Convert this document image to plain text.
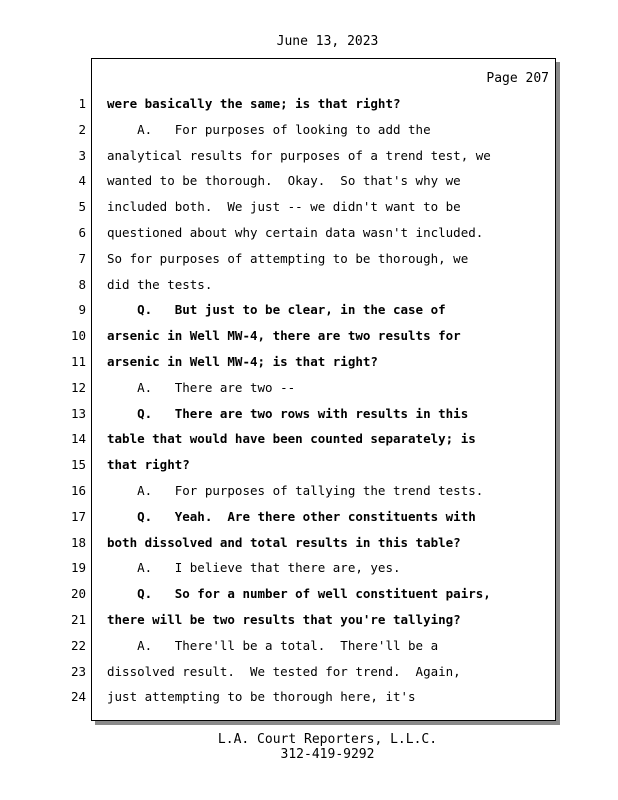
June 13, 2023
Page 207
1 were basically the same; is that right?
2 A.   For purposes of looking to add the
3 analytical results for purposes of a trend test, we
4 wanted to be thorough.  Okay.  So that's why we
5 included both.  We just -- we didn't want to be
6 questioned about why certain data wasn't included.
7 So for purposes of attempting to be thorough, we
8 did the tests.
9 Q.   But just to be clear, in the case of
10 arsenic in Well MW-4, there are two results for
11 arsenic in Well MW-4; is that right?
12 A.   There are two --
13 Q.   There are two rows with results in this
14 table that would have been counted separately; is
15 that right?
16 A.   For purposes of tallying the trend tests.
17 Q.   Yeah.  Are there other constituents with
18 both dissolved and total results in this table?
19 A.   I believe that there are, yes.
20 Q.   So for a number of well constituent pairs,
21 there will be two results that you're tallying?
22 A.   There'll be a total.  There'll be a
23 dissolved result.  We tested for trend.  Again,
24 just attempting to be thorough here, it's
L.A. Court Reporters, L.L.C.
312-419-9292
